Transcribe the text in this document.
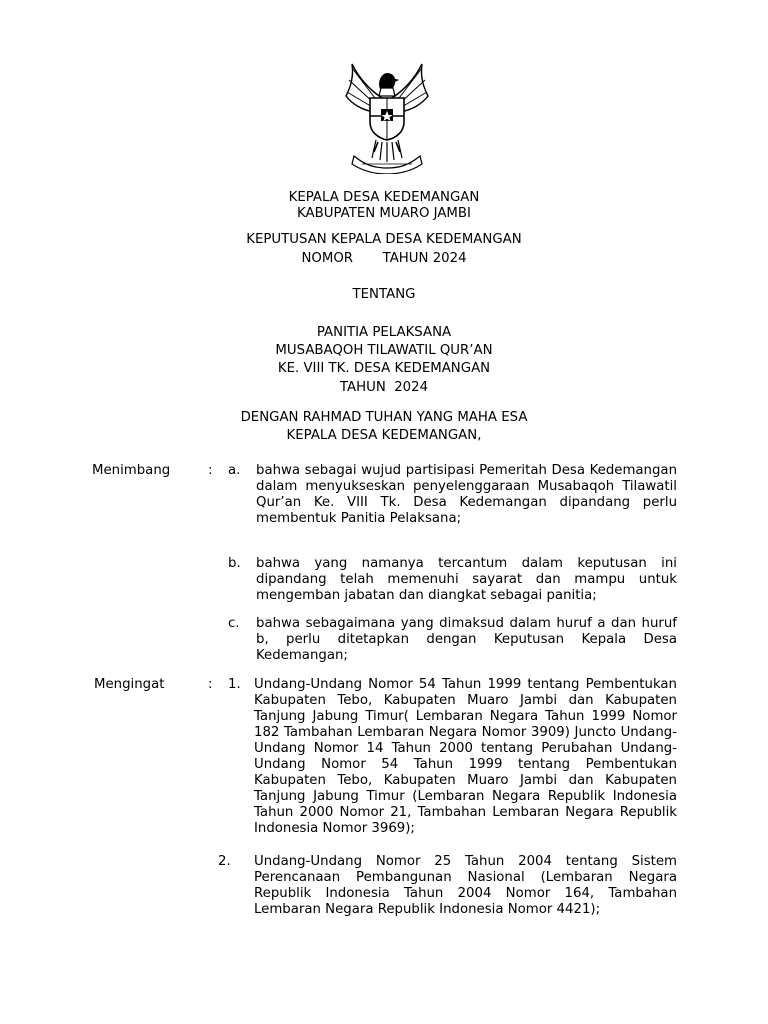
KEPALA DESA KEDEMANGAN
KABUPATEN MUARO JAMBI
KEPUTUSAN KEPALA DESA KEDEMANGAN
NOMOR       TAHUN 2024
TENTANG
PANITIA PELAKSANA
MUSABAQOH TILAWATIL QUR’AN
KE. VIII TK. DESA KEDEMANGAN
TAHUN  2024
DENGAN RAHMAD TUHAN YANG MAHA ESA
KEPALA DESA KEDEMANGAN,
Menimbang	: a. bahwa sebagai wujud partisipasi Pemeritah Desa Kedemangan dalam menyukseskan penyelenggaraan Musabaqoh Tilawatil Qur’an Ke. VIII Tk. Desa Kedemangan dipandang perlu membentuk Panitia Pelaksana;
b. bahwa yang namanya tercantum dalam keputusan ini dipandang telah memenuhi sayarat dan mampu untuk mengemban jabatan dan diangkat sebagai panitia;
c. bahwa sebagaimana yang dimaksud dalam huruf a dan huruf b, perlu ditetapkan dengan Keputusan Kepala Desa Kedemangan;
Mengingat	: 1. Undang-Undang Nomor 54 Tahun 1999 tentang Pembentukan Kabupaten Tebo, Kabupaten Muaro Jambi dan Kabupaten Tanjung Jabung Timur( Lembaran Negara Tahun 1999 Nomor 182 Tambahan Lembaran Negara Nomor 3909) Juncto Undang- Undang Nomor 14 Tahun 2000 tentang Perubahan Undang- Undang Nomor 54 Tahun 1999 tentang Pembentukan Kabupaten Tebo, Kabupaten Muaro Jambi dan Kabupaten Tanjung Jabung Timur (Lembaran Negara Republik Indonesia Tahun 2000 Nomor 21, Tambahan Lembaran Negara Republik Indonesia Nomor 3969);
2. Undang-Undang Nomor 25 Tahun 2004 tentang Sistem Perencanaan Pembangunan Nasional (Lembaran Negara Republik Indonesia Tahun 2004 Nomor 164, Tambahan Lembaran Negara Republik Indonesia Nomor 4421);
